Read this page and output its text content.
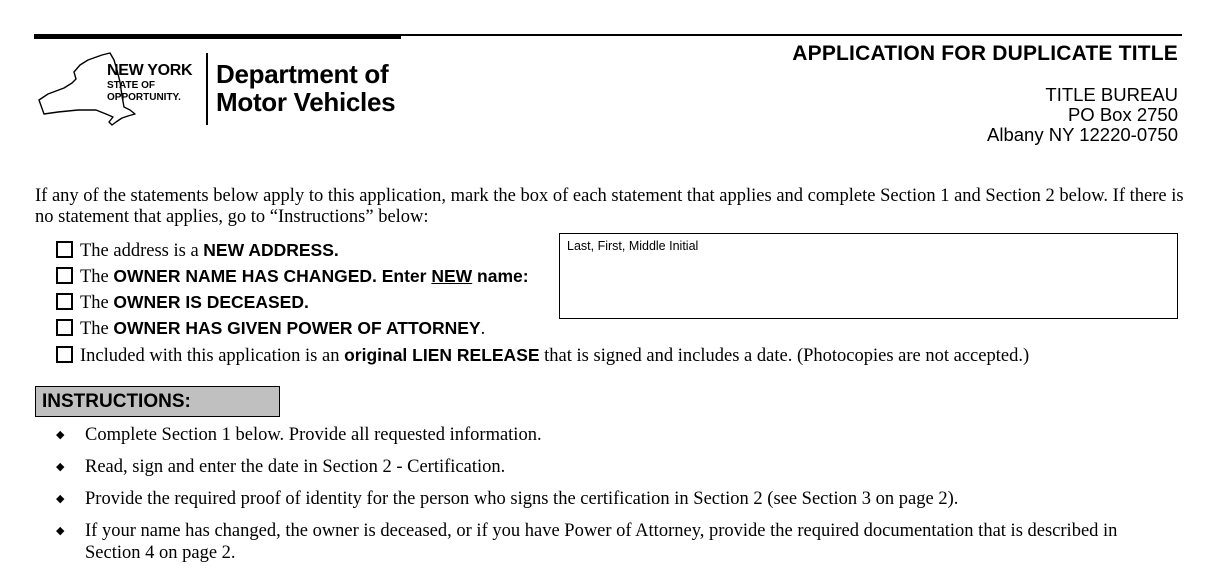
NEW YORK
STATE OF
OPPORTUNITY.
Department of
Motor Vehicles
APPLICATION FOR DUPLICATE TITLE
TITLE BUREAU
PO Box 2750
Albany NY 12220-0750
If any of the statements below apply to this application, mark the box of each statement that applies and complete Section 1 and Section 2 below. If there is no statement that applies, go to “Instructions” below:
The address is a NEW ADDRESS.
The OWNER NAME HAS CHANGED. Enter NEW name:
The OWNER IS DECEASED.
The OWNER HAS GIVEN POWER OF ATTORNEY.
Included with this application is an original LIEN RELEASE that is signed and includes a date. (Photocopies are not accepted.)
Last, First, Middle Initial
INSTRUCTIONS:
◆ Complete Section 1 below. Provide all requested information.
◆ Read, sign and enter the date in Section 2 - Certification.
◆ Provide the required proof of identity for the person who signs the certification in Section 2 (see Section 3 on page 2).
◆ If your name has changed, the owner is deceased, or if you have Power of Attorney, provide the required documentation that is described in Section 4 on page 2.
